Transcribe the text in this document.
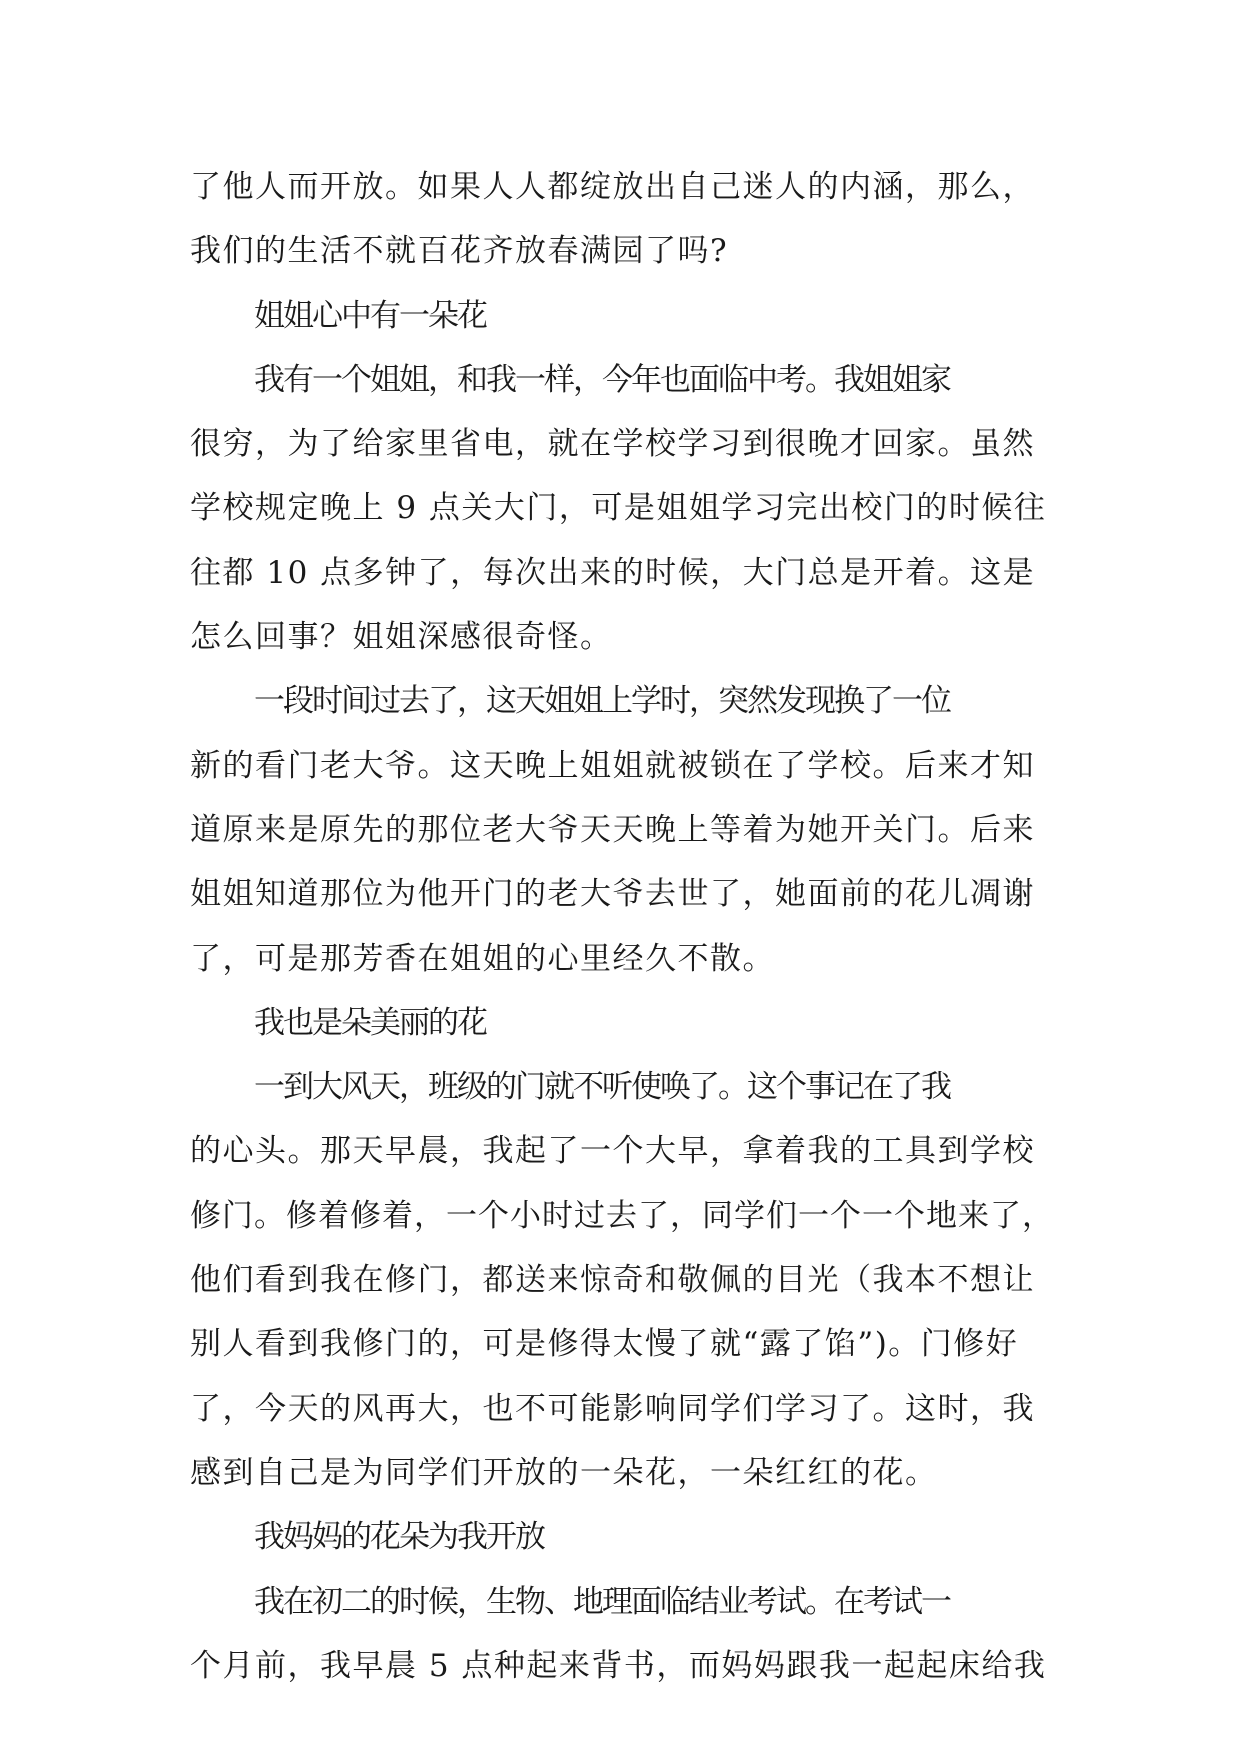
了他人而开放。如果人人都绽放出自己迷人的内涵，那么，
我们的生活不就百花齐放春满园了吗?
姐姐心中有一朵花
我有一个姐姐，和我一样，今年也面临中考。我姐姐家
很穷，为了给家里省电，就在学校学习到很晚才回家。虽然
学校规定晚上 9 点关大门，可是姐姐学习完出校门的时候往
往都 10 点多钟了，每次出来的时候，大门总是开着。这是
怎么回事？姐姐深感很奇怪。
一段时间过去了，这天姐姐上学时，突然发现换了一位
新的看门老大爷。这天晚上姐姐就被锁在了学校。后来才知
道原来是原先的那位老大爷天天晚上等着为她开关门。后来
姐姐知道那位为他开门的老大爷去世了，她面前的花儿凋谢
了，可是那芳香在姐姐的心里经久不散。
我也是朵美丽的花
一到大风天，班级的门就不听使唤了。这个事记在了我
的心头。那天早晨，我起了一个大早，拿着我的工具到学校
修门。修着修着，一个小时过去了，同学们一个一个地来了，
他们看到我在修门，都送来惊奇和敬佩的目光（我本不想让
别人看到我修门的，可是修得太慢了就“露了馅”)。门修好
了，今天的风再大，也不可能影响同学们学习了。这时，我
感到自己是为同学们开放的一朵花，一朵红红的花。
我妈妈的花朵为我开放
我在初二的时候，生物、地理面临结业考试。在考试一
个月前，我早晨 5 点种起来背书，而妈妈跟我一起起床给我
